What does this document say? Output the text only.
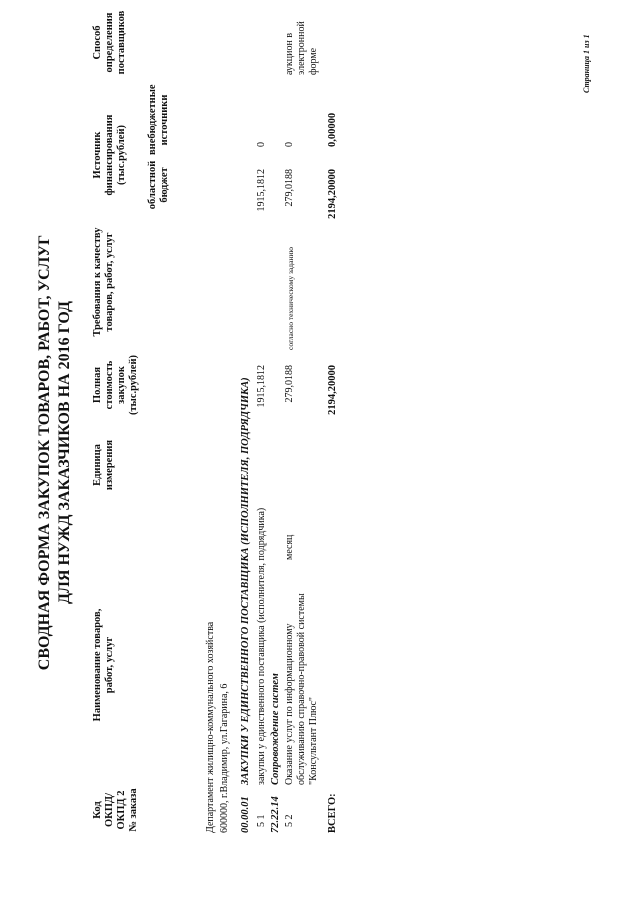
СВОДНАЯ ФОРМА ЗАКУПОК ТОВАРОВ, РАБОТ, УСЛУГ ДЛЯ НУЖД ЗАКАЗЧИКОВ НА 2016 ГОД
Код ОКПД/ ОКПД 2 № заказа
Наименование товаров, работ, услуг
Единица измерения
Полная стоимость закупок (тыс.рублей)
Требования к качеству товаров, работ, услуг
Источник финансирования (тыс.рублей) областной бюджет
внебюджетные источники
Способ определения поставщиков
Департамент жилищно-коммунального хозяйства 600000, г.Владимир, ул.Гагарина, 6 00.00.01
ЗАКУПКИ У ЕДИНСТВЕННОГО ПОСТАВЩИКА (ИСПОЛНИТЕЛЯ, ПОДРЯДЧИКА)
5 1
закупки у единственного поставщика (исполнителя, подрядчика)
1915,1812
1915,1812
0
72.22.14
Сопровождение систем
5 2
Оказание услуг по информационному обслуживанию справочно-правовой системы "Консультант Плюс"
месяц
279,0188
согласно техническому заданию
279,0188
0
аукцион в электронной форме
ВСЕГО:
2194,20000
2194,20000
0,00000
Страница 1 из 1
